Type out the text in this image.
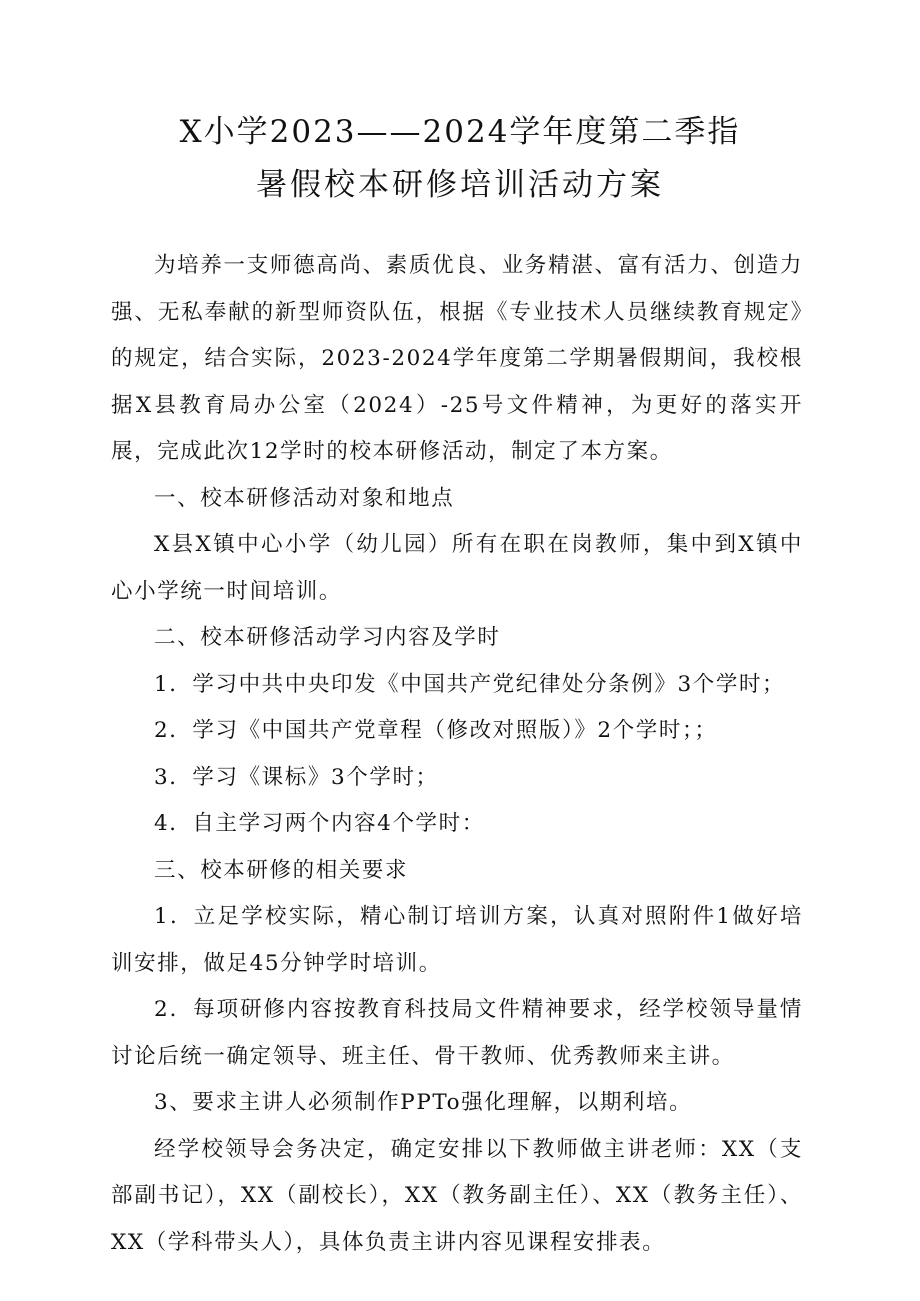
X小学2023——2024学年度第二季指
暑假校本研修培训活动方案

为培养一支师德高尚、素质优良、业务精湛、富有活力、创造力强、无私奉献的新型师资队伍，根据《专业技术人员继续教育规定》的规定，结合实际，2023-2024学年度第二学期暑假期间，我校根据X县教育局办公室（2024）-25号文件精神，为更好的落实开展，完成此次12学时的校本研修活动，制定了本方案。

一、校本研修活动对象和地点

X县X镇中心小学（幼儿园）所有在职在岗教师，集中到X镇中心小学统一时间培训。

二、校本研修活动学习内容及学时

1．学习中共中央印发《中国共产党纪律处分条例》3个学时；

2．学习《中国共产党章程（修改对照版）》2个学时；；

3．学习《课标》3个学时；

4．自主学习两个内容4个学时：

三、校本研修的相关要求

1．立足学校实际，精心制订培训方案，认真对照附件1做好培训安排，做足45分钟学时培训。

2．每项研修内容按教育科技局文件精神要求，经学校领导量情讨论后统一确定领导、班主任、骨干教师、优秀教师来主讲。

3、要求主讲人必须制作PPTo强化理解，以期利培。

经学校领导会务决定，确定安排以下教师做主讲老师：XX（支部副书记），XX（副校长），XX（教务副主任）、XX（教务主任）、XX（学科带头人），具体负责主讲内容见课程安排表。
